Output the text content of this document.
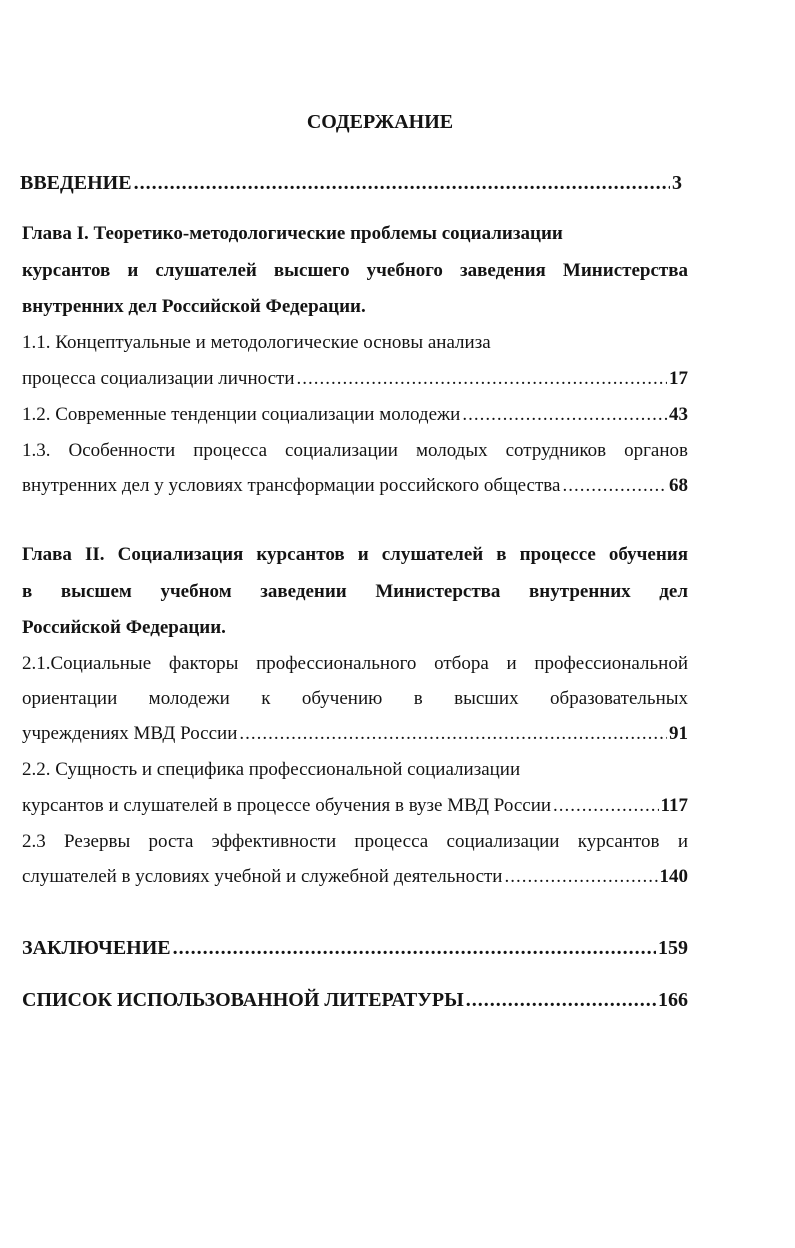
СОДЕРЖАНИЕ
ВВЕДЕНИЕ .....	3
Глава I. Теоретико-методологические проблемы социализации
курсантов и слушателей высшего учебного заведения Министерства
внутренних дел Российской Федерации.
1.1. Концептуальные и методологические основы анализа
процесса социализации личности .....	17
1.2. Современные тенденции социализации молодежи .....	43
1.3. Особенности процесса социализации молодых сотрудников органов
внутренних дел у условиях трансформации российского общества .....	68
Глава II. Социализация курсантов и слушателей в процессе обучения
в высшем учебном заведении Министерства внутренних дел
Российской Федерации.
2.1.Социальные факторы профессионального отбора и профессиональной
ориентации молодежи к обучению в высших образовательных
учреждениях МВД России .....	91
2.2. Сущность и специфика профессиональной социализации
курсантов и слушателей в процессе обучения в вузе МВД России .....	117
2.3 Резервы роста эффективности процесса социализации курсантов и
слушателей в условиях учебной и служебной деятельности .....	140
ЗАКЛЮЧЕНИЕ .....	159
СПИСОК ИСПОЛЬЗОВАННОЙ ЛИТЕРАТУРЫ .....	166
